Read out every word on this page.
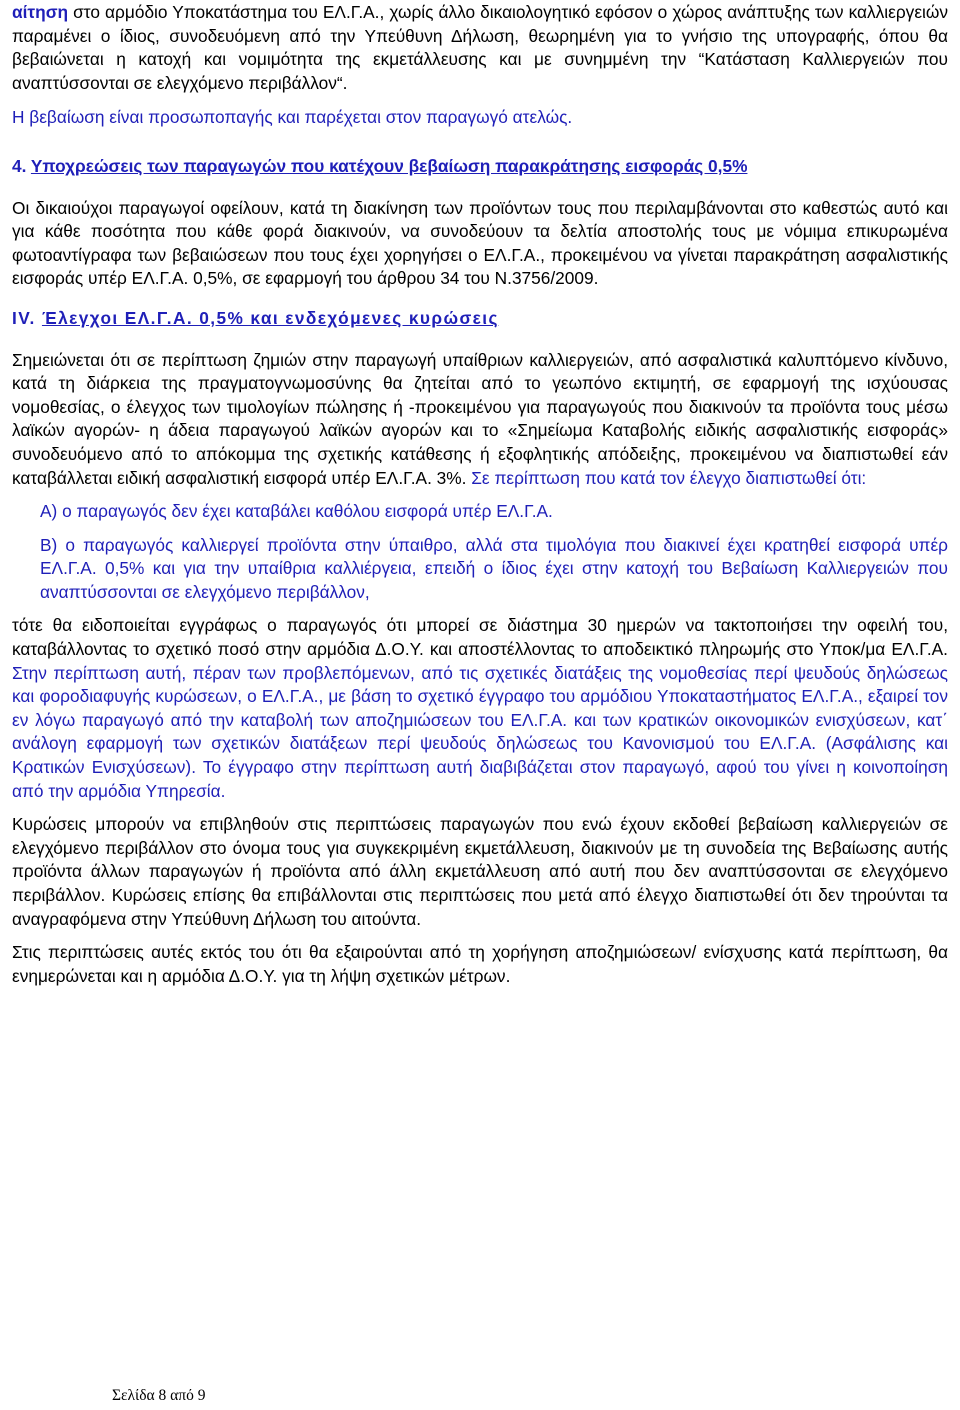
αίτηση στο αρμόδιο Υποκατάστημα του ΕΛ.Γ.Α., χωρίς άλλο δικαιολογητικό εφόσον ο χώρος ανάπτυξης των καλλιεργειών παραμένει ο ίδιος, συνοδευόμενη από την Υπεύθυνη Δήλωση, θεωρημένη για το γνήσιο της υπογραφής, όπου θα βεβαιώνεται η κατοχή και νομιμότητα της εκμετάλλευσης και με συνημμένη την “Κατάσταση Καλλιεργειών που αναπτύσσονται σε ελεγχόμενο περιβάλλον“.

Η βεβαίωση είναι προσωποπαγής και παρέχεται στον παραγωγό ατελώς.

4. Υποχρεώσεις των παραγωγών που κατέχουν βεβαίωση παρακράτησης εισφοράς 0,5%

Οι δικαιούχοι παραγωγοί οφείλουν, κατά τη διακίνηση των προϊόντων τους που περιλαμβάνονται στο καθεστώς αυτό και για κάθε ποσότητα που κάθε φορά διακινούν, να συνοδεύουν τα δελτία αποστολής τους με νόμιμα επικυρωμένα φωτοαντίγραφα των βεβαιώσεων που τους έχει χορηγήσει ο ΕΛ.Γ.Α., προκειμένου να γίνεται παρακράτηση ασφαλιστικής εισφοράς υπέρ ΕΛ.Γ.Α. 0,5%, σε εφαρμογή του άρθρου 34 του Ν.3756/2009.

IV. Έλεγχοι ΕΛ.Γ.Α. 0,5% και ενδεχόμενες κυρώσεις

Σημειώνεται ότι σε περίπτωση ζημιών στην παραγωγή υπαίθριων καλλιεργειών, από ασφαλιστικά καλυπτόμενο κίνδυνο, κατά τη διάρκεια της πραγματογνωμοσύνης θα ζητείται από το γεωπόνο εκτιμητή, σε εφαρμογή της ισχύουσας νομοθεσίας, ο έλεγχος των τιμολογίων πώλησης ή -προκειμένου για παραγωγούς που διακινούν τα προϊόντα τους μέσω λαϊκών αγορών- η άδεια παραγωγού λαϊκών αγορών και το «Σημείωμα Καταβολής ειδικής ασφαλιστικής εισφοράς» συνοδευόμενο από το απόκομμα της σχετικής κατάθεσης ή εξοφλητικής απόδειξης, προκειμένου να διαπιστωθεί εάν καταβάλλεται ειδική ασφαλιστική εισφορά υπέρ ΕΛ.Γ.Α. 3%. Σε περίπτωση που κατά τον έλεγχο διαπιστωθεί ότι:

Α) ο παραγωγός δεν έχει καταβάλει καθόλου εισφορά υπέρ ΕΛ.Γ.Α.

Β) ο παραγωγός καλλιεργεί προϊόντα στην ύπαιθρο, αλλά στα τιμολόγια που διακινεί έχει κρατηθεί εισφορά υπέρ ΕΛ.Γ.Α. 0,5% και για την υπαίθρια καλλιέργεια, επειδή ο ίδιος έχει στην κατοχή του Βεβαίωση Καλλιεργειών που αναπτύσσονται σε ελεγχόμενο περιβάλλον,

τότε θα ειδοποιείται εγγράφως ο παραγωγός ότι μπορεί σε διάστημα 30 ημερών να τακτοποιήσει την οφειλή του, καταβάλλοντας το σχετικό ποσό στην αρμόδια Δ.Ο.Υ. και αποστέλλοντας το αποδεικτικό πληρωμής στο Υποκ/μα ΕΛ.Γ.Α. Στην περίπτωση αυτή, πέραν των προβλεπόμενων, από τις σχετικές διατάξεις της νομοθεσίας περί ψευδούς δηλώσεως και φοροδιαφυγής κυρώσεων, ο ΕΛ.Γ.Α., με βάση το σχετικό έγγραφο του αρμόδιου Υποκαταστήματος ΕΛ.Γ.Α., εξαιρεί τον εν λόγω παραγωγό από την καταβολή των αποζημιώσεων του ΕΛ.Γ.Α. και των κρατικών οικονομικών ενισχύσεων, κατ΄ ανάλογη εφαρμογή των σχετικών διατάξεων περί ψευδούς δηλώσεως του Κανονισμού του ΕΛ.Γ.Α. (Ασφάλισης και Κρατικών Ενισχύσεων). Το έγγραφο στην περίπτωση αυτή διαβιβάζεται στον παραγωγό, αφού του γίνει η κοινοποίηση από την αρμόδια Υπηρεσία.

Κυρώσεις μπορούν να επιβληθούν στις περιπτώσεις παραγωγών που ενώ έχουν εκδοθεί βεβαίωση καλλιεργειών σε ελεγχόμενο περιβάλλον στο όνομα τους για συγκεκριμένη εκμετάλλευση, διακινούν με τη συνοδεία της Βεβαίωσης αυτής προϊόντα άλλων παραγωγών ή προϊόντα από άλλη εκμετάλλευση από αυτή που δεν αναπτύσσονται σε ελεγχόμενο περιβάλλον. Κυρώσεις επίσης θα επιβάλλονται στις περιπτώσεις που μετά από έλεγχο διαπιστωθεί ότι δεν τηρούνται τα αναγραφόμενα στην Υπεύθυνη Δήλωση του αιτούντα.

Στις περιπτώσεις αυτές εκτός του ότι θα εξαιρούνται από τη χορήγηση αποζημιώσεων/ ενίσχυσης κατά περίπτωση, θα ενημερώνεται και η αρμόδια Δ.Ο.Υ. για τη λήψη σχετικών μέτρων.

Σελίδα 8 από 9
